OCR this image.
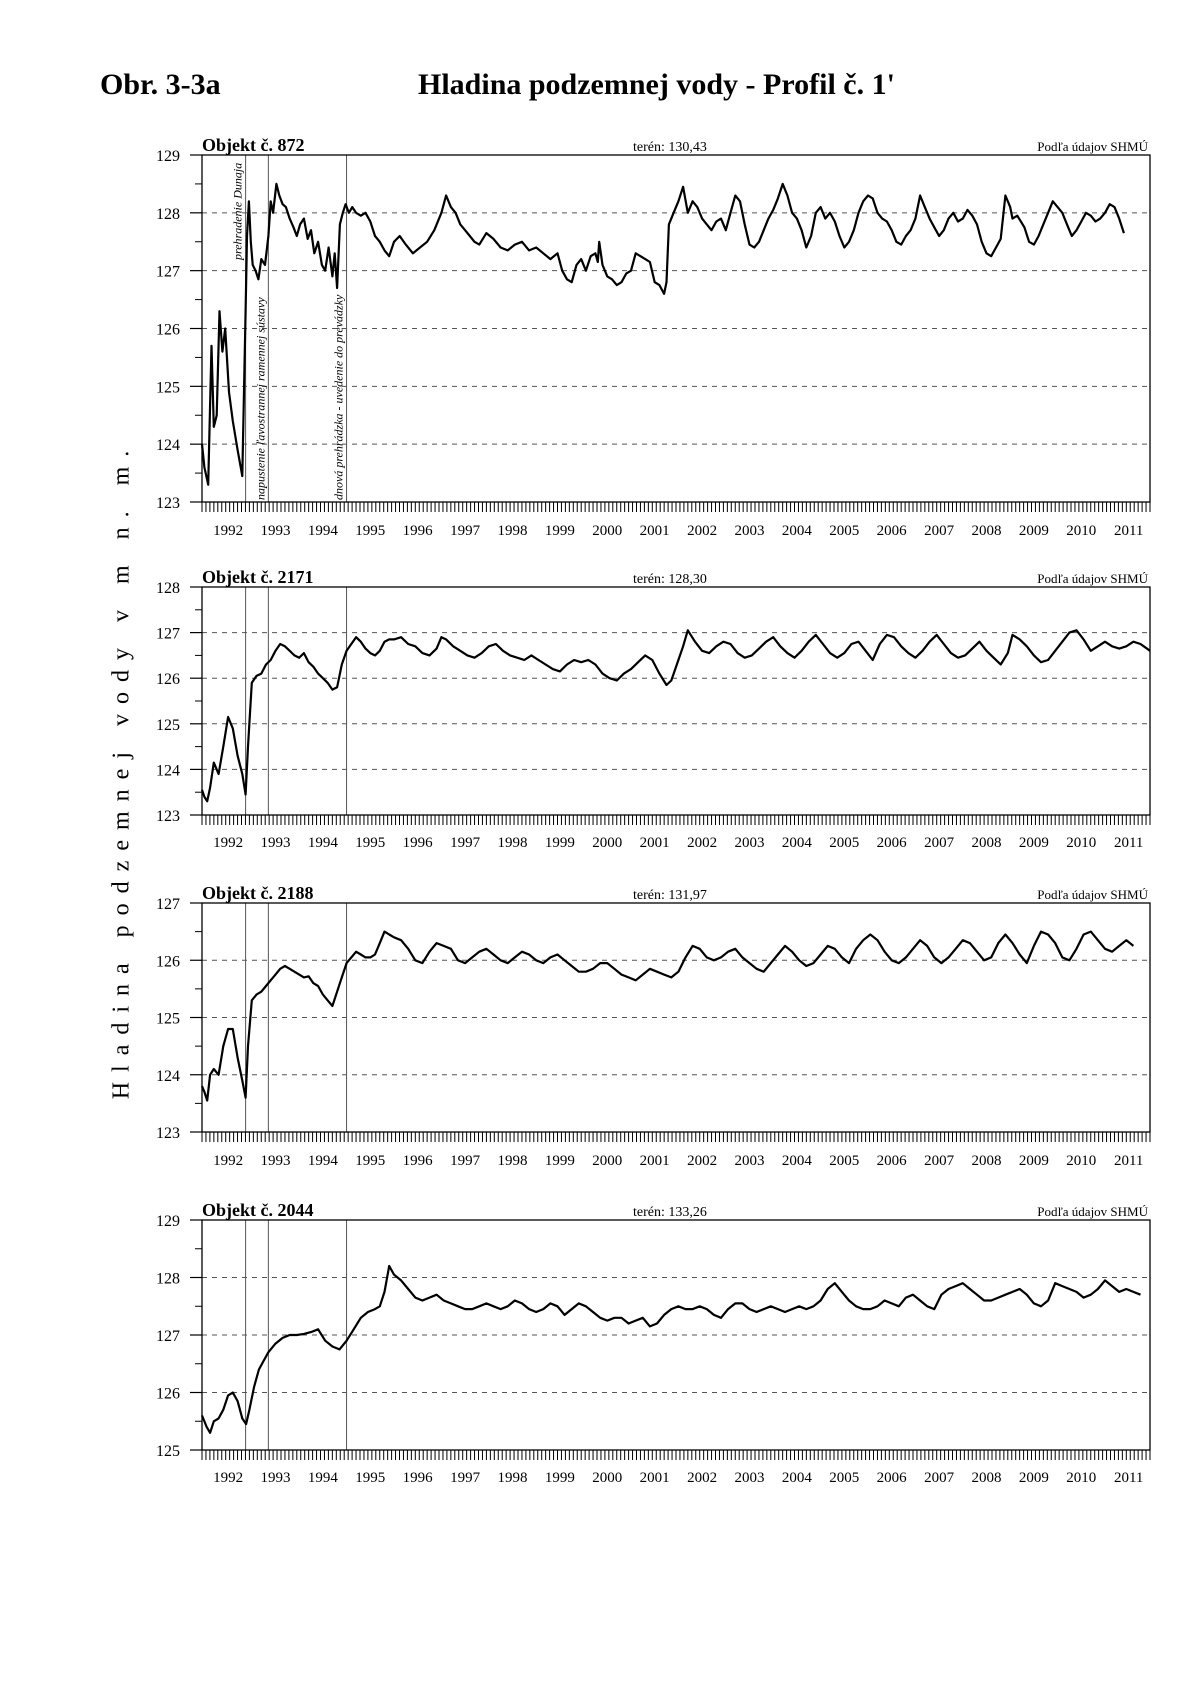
Obr. 3-3a	Hladina podzemnej vody - Profil č. 1'
Hladina podzemnej vody v m n. m. 123
124
125
126
127
128
129
1992 1993 1994 1995 1996 1997 1998 1999 2000 2001 2002 2003 2004 2005 2006 2007 2008 2009 2010 2011
Objekt č. 872	terén: 130,43	Podľa údajov SHMÚ
prehradenie Dunaja
napustenie ľavostrannej ramennej sústavy	dnová prehrádzka - uvedenie do prevádzky
123
124
125
126
127
128
1992 1993 1994 1995 1996 1997 1998 1999 2000 2001 2002 2003 2004 2005 2006 2007 2008 2009 2010 2011
Objekt č. 2171	terén: 128,30	Podľa údajov SHMÚ
123
124
125
126
127
1992 1993 1994 1995 1996 1997 1998 1999 2000 2001 2002 2003 2004 2005 2006 2007 2008 2009 2010 2011
Objekt č. 2188	terén: 131,97	Podľa údajov SHMÚ
125
126
127
128
129
1992 1993 1994 1995 1996 1997 1998 1999 2000 2001 2002 2003 2004 2005 2006 2007 2008 2009 2010 2011
Objekt č. 2044	terén: 133,26	Podľa údajov SHMÚ
